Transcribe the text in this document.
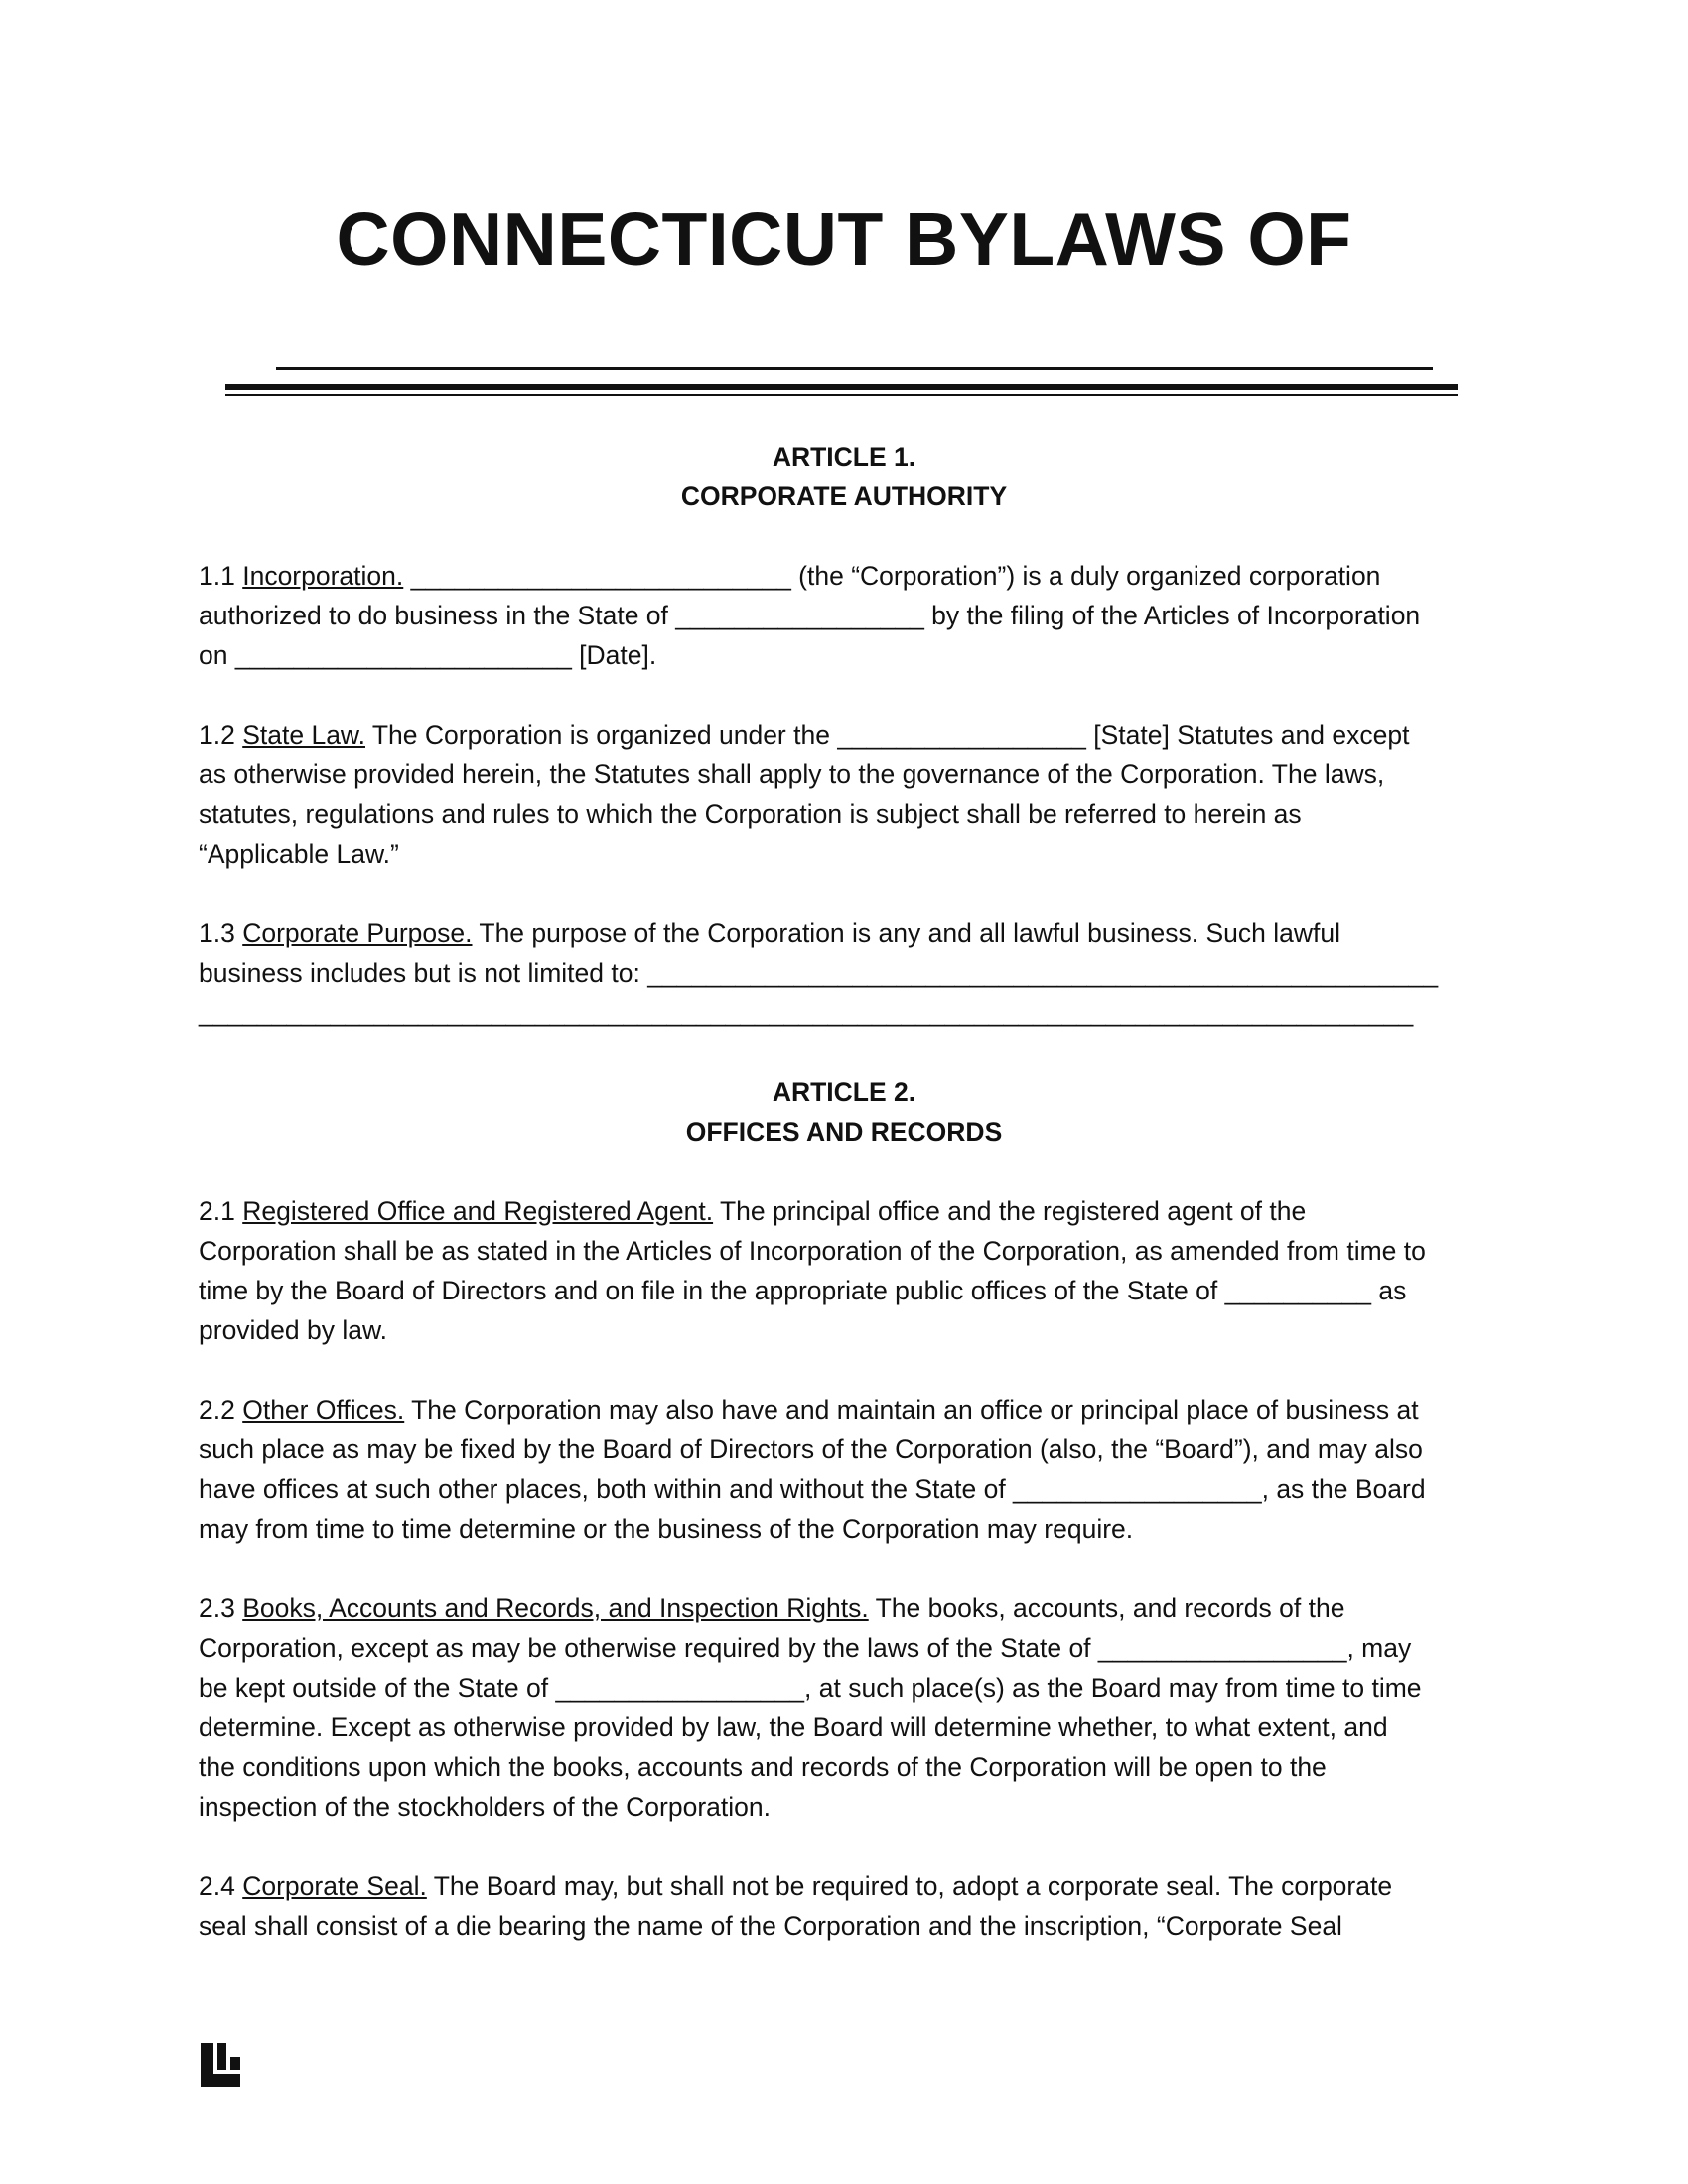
CONNECTICUT BYLAWS OF

ARTICLE 1.

CORPORATE AUTHORITY

1.1 Incorporation. __________________________ (the “Corporation”) is a duly organized corporation

authorized to do business in the State of _________________ by the filing of the Articles of Incorporation

on _______________________ [Date].

1.2 State Law. The Corporation is organized under the _________________ [State] Statutes and except

as otherwise provided herein, the Statutes shall apply to the governance of the Corporation. The laws,

statutes, regulations and rules to which the Corporation is subject shall be referred to herein as

“Applicable Law.”

1.3 Corporate Purpose. The purpose of the Corporation is any and all lawful business. Such lawful

business includes but is not limited to: ______________________________________________________

___________________________________________________________________________________

ARTICLE 2.

OFFICES AND RECORDS

2.1 Registered Office and Registered Agent. The principal office and the registered agent of the

Corporation shall be as stated in the Articles of Incorporation of the Corporation, as amended from time to

time by the Board of Directors and on file in the appropriate public offices of the State of __________ as

provided by law.

2.2 Other Offices. The Corporation may also have and maintain an office or principal place of business at

such place as may be fixed by the Board of Directors of the Corporation (also, the “Board”), and may also

have offices at such other places, both within and without the State of _________________, as the Board

may from time to time determine or the business of the Corporation may require.

2.3 Books, Accounts and Records, and Inspection Rights. The books, accounts, and records of the

Corporation, except as may be otherwise required by the laws of the State of _________________, may

be kept outside of the State of _________________, at such place(s) as the Board may from time to time

determine. Except as otherwise provided by law, the Board will determine whether, to what extent, and

the conditions upon which the books, accounts and records of the Corporation will be open to the

inspection of the stockholders of the Corporation.

2.4 Corporate Seal. The Board may, but shall not be required to, adopt a corporate seal. The corporate

seal shall consist of a die bearing the name of the Corporation and the inscription, “Corporate Seal
